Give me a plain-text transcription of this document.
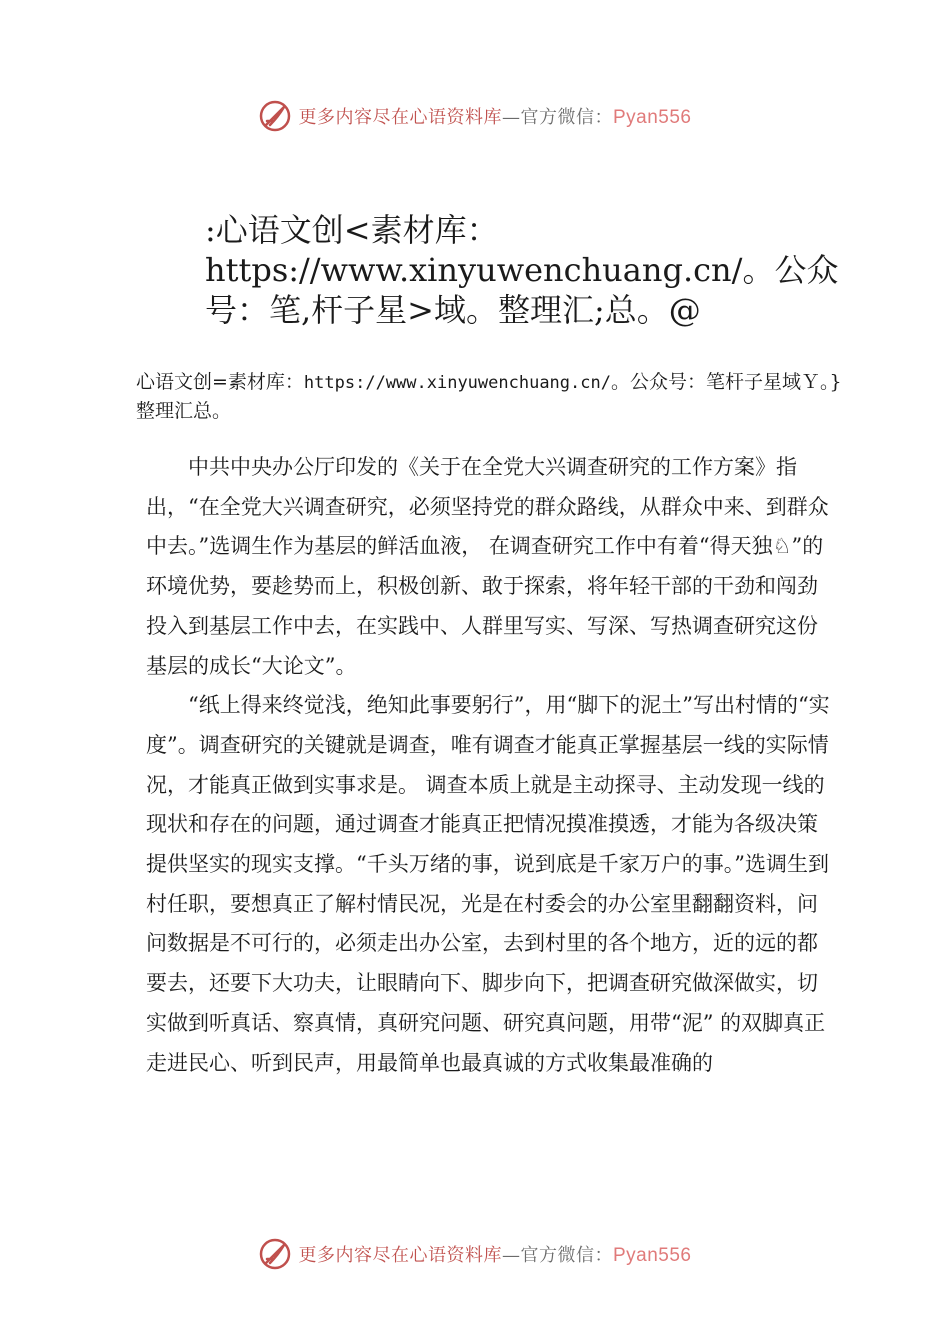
更多内容尽在心语资料库—官方微信：Pyan556
:心语文创<素材库：https://www.xinyuwenchuang.cn/。公众号：笔,杆子星>域。整理汇;总。@
心语文创=素材库：https://www.xinyuwenchuang.cn/。公众号：笔杆子星域Ｙ。}整理汇总。

中共中央办公厅印发的《关于在全党大兴调查研究的工作方案》指出，“在全党大兴调查研究，必须坚持党的群众路线，从群众中来、到群众中去。”选调生作为基层的鲜活血液， 在调查研究工作中有着“得天独♘”的环境优势，要趁势而上，积极创新、敢于探索，将年轻干部的干劲和闯劲投入到基层工作中去，在实践中、人群里写实、写深、写热调查研究这份基层的成长“大论文”。

“纸上得来终觉浅，绝知此事要躬行”，用“脚下的泥土”写出村情的“实度”。调查研究的关键就是调查，唯有调查才能真正掌握基层一线的实际情况，才能真正做到实事求是。 调查本质上就是主动探寻、主动发现一线的现状和存在的问题，通过调查才能真正把情况摸准摸透，才能为各级决策提供坚实的现实支撑。“千头万绪的事，说到底是千家万户的事。”选调生到村任职，要想真正了解村情民况，光是在村委会的办公室里翻翻资料，问问数据是不可行的，必须走出办公室，去到村里的各个地方，近的远的都要去，还要下大功夫，让眼睛向下、脚步向下，把调查研究做深做实，切实做到听真话、察真情，真研究问题、研究真问题，用带“泥” 的双脚真正走进民心、听到民声，用最简单也最真诚的方式收集最准确的

更多内容尽在心语资料库—官方微信：Pyan556
